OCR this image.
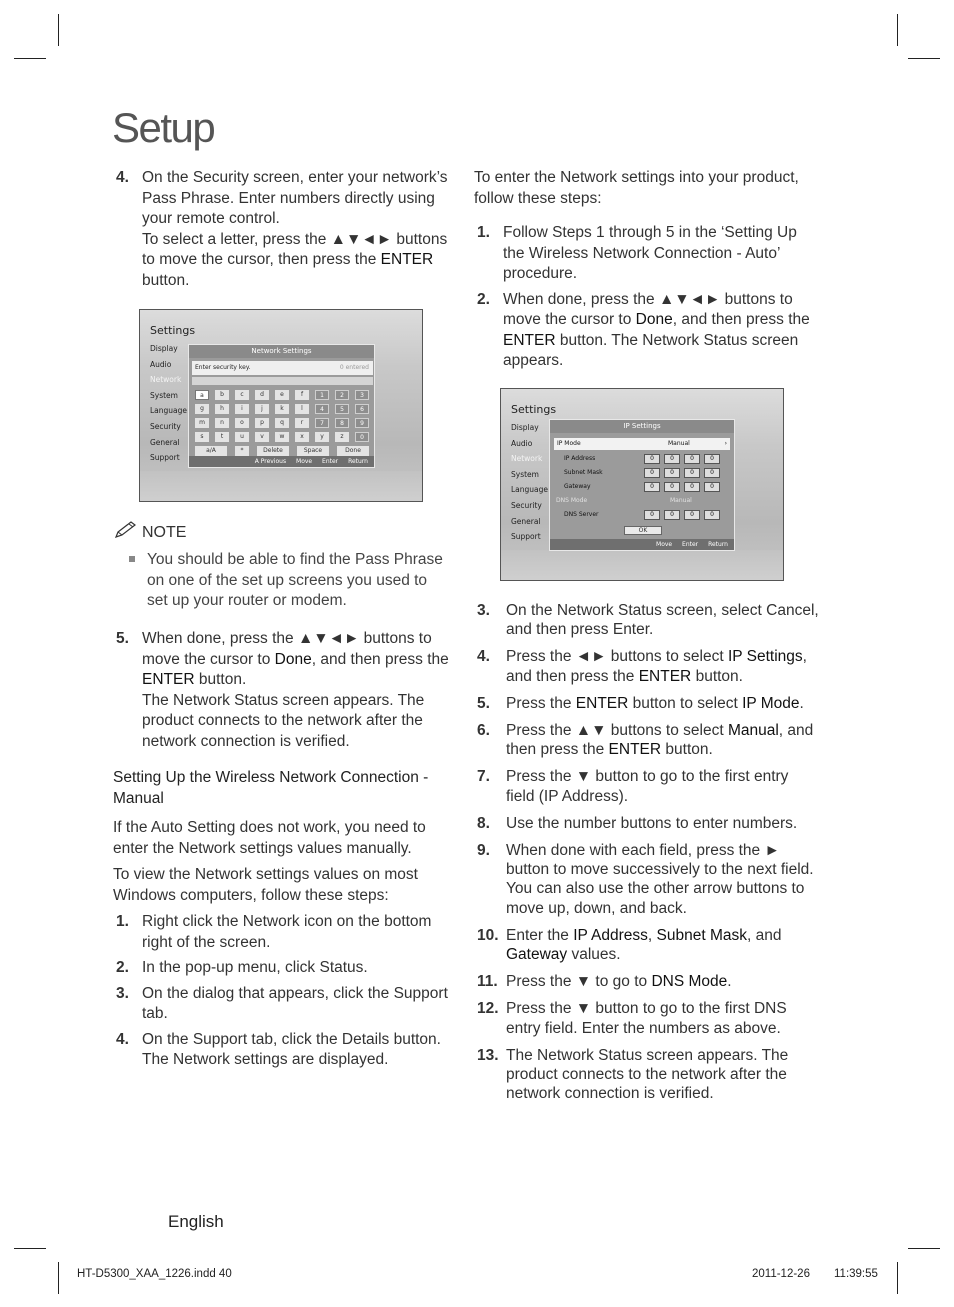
Setup
4. On the Security screen, enter your network’s Pass Phrase. Enter numbers directly using your remote control.
To select a letter, press the ▲▼◄► buttons to move the cursor, then press the ENTER button.
Settings
Display
Audio
Network
System
Language
Security
General
Support
Network Settings
Enter security key.	0 entered
a	b	c	d	e	f	1	2	3
g	h	i	j	k	l	4	5	6
m	n	o	p	q	r	7	8	9
s	t	u	v	w	x	y	z	0
a/A	*	Delete	Space	Done
A Previous Move Enter Return
NOTE
You should be able to find the Pass Phrase on one of the set up screens you used to set up your router or modem.
5. When done, press the ▲▼◄► buttons to move the cursor to Done, and then press the ENTER button.
The Network Status screen appears. The product connects to the network after the network connection is verified.
Setting Up the Wireless Network Connection - Manual
If the Auto Setting does not work, you need to enter the Network settings values manually.
To view the Network settings values on most Windows computers, follow these steps:
1. Right click the Network icon on the bottom right of the screen.
2. In the pop-up menu, click Status.
3. On the dialog that appears, click the Support tab.
4. On the Support tab, click the Details button. The Network settings are displayed.
To enter the Network settings into your product, follow these steps:
1. Follow Steps 1 through 5 in the ‘Setting Up the Wireless Network Connection - Auto’ procedure.
2. When done, press the ▲▼◄► buttons to move the cursor to Done, and then press the ENTER button. The Network Status screen appears.
Settings
Display
Audio
Network
System
Language
Security
General
Support
IP Settings
IP Mode	Manual	›
IP Address	0	0	0	0
Subnet Mask	0	0	0	0
Gateway	0	0	0	0
DNS Mode	Manual
DNS Server	0	0	0	0
OK
Move Enter Return
3. On the Network Status screen, select Cancel, and then press Enter.
4. Press the ◄► buttons to select IP Settings, and then press the ENTER button.
5. Press the ENTER button to select IP Mode.
6. Press the ▲▼ buttons to select Manual, and then press the ENTER button.
7. Press the ▼ button to go to the first entry field (IP Address).
8. Use the number buttons to enter numbers.
9. When done with each field, press the ► button to move successively to the next field. You can also use the other arrow buttons to move up, down, and back.
10. Enter the IP Address, Subnet Mask, and Gateway values.
11. Press the ▼ to go to DNS Mode.
12. Press the ▼ button to go to the first DNS entry field. Enter the numbers as above.
13. The Network Status screen appears. The product connects to the network after the network connection is verified.
English
HT-D5300_XAA_1226.indd 40	2011-12-26 11:39:55
